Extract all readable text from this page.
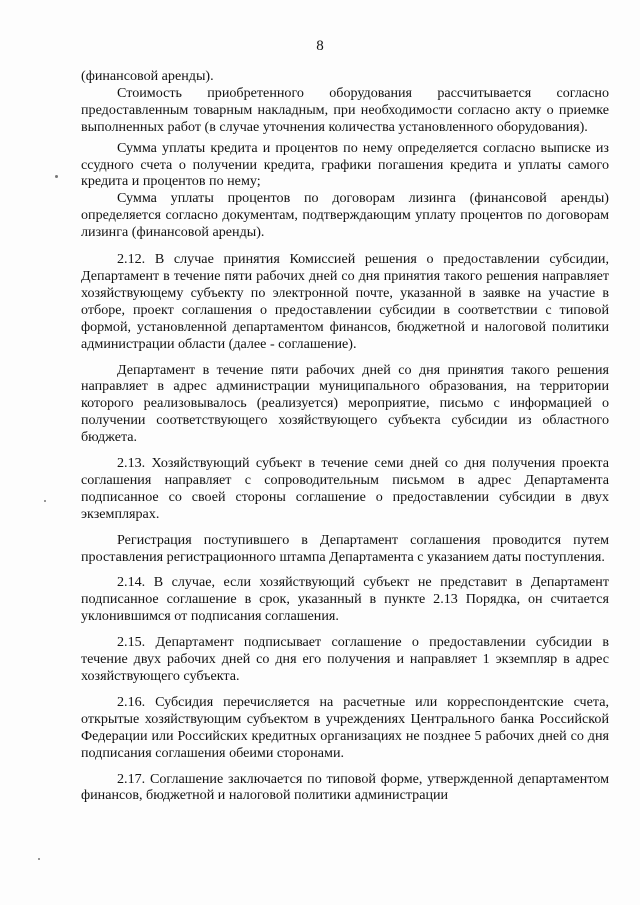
8

(финансовой аренды).

Стоимость приобретенного оборудования рассчитывается согласно предоставленным товарным накладным, при необходимости согласно акту о приемке выполненных работ (в случае уточнения количества установленного оборудования).

Сумма уплаты кредита и процентов по нему определяется согласно выписке из ссудного счета о получении кредита, графики погашения кредита и уплаты самого кредита и процентов по нему;

Сумма уплаты процентов по договорам лизинга (финансовой аренды) определяется согласно документам, подтверждающим уплату процентов по договорам лизинга (финансовой аренды).

2.12. В случае принятия Комиссией решения о предоставлении субсидии, Департамент в течение пяти рабочих дней со дня принятия такого решения направляет хозяйствующему субъекту по электронной почте, указанной в заявке на участие в отборе, проект соглашения о предоставлении субсидии в соответствии с типовой формой, установленной департаментом финансов, бюджетной и налоговой политики администрации области (далее - соглашение).

Департамент в течение пяти рабочих дней со дня принятия такого решения направляет в адрес администрации муниципального образования, на территории которого реализовывалось (реализуется) мероприятие, письмо с информацией о получении соответствующего хозяйствующего субъекта субсидии из областного бюджета.

2.13. Хозяйствующий субъект в течение семи дней со дня получения проекта соглашения направляет с сопроводительным письмом в адрес Департамента подписанное со своей стороны соглашение о предоставлении субсидии в двух экземплярах.

Регистрация поступившего в Департамент соглашения проводится путем проставления регистрационного штампа Департамента с указанием даты поступления.

2.14. В случае, если хозяйствующий субъект не представит в Департамент подписанное соглашение в срок, указанный в пункте 2.13 Порядка, он считается уклонившимся от подписания соглашения.

2.15. Департамент подписывает соглашение о предоставлении субсидии в течение двух рабочих дней со дня его получения и направляет 1 экземпляр в адрес хозяйствующего субъекта.

2.16. Субсидия перечисляется на расчетные или корреспондентские счета, открытые хозяйствующим субъектом в учреждениях Центрального банка Российской Федерации или Российских кредитных организациях не позднее 5 рабочих дней со дня подписания соглашения обеими сторонами.

2.17. Соглашение заключается по типовой форме, утвержденной департаментом финансов, бюджетной и налоговой политики администрации
